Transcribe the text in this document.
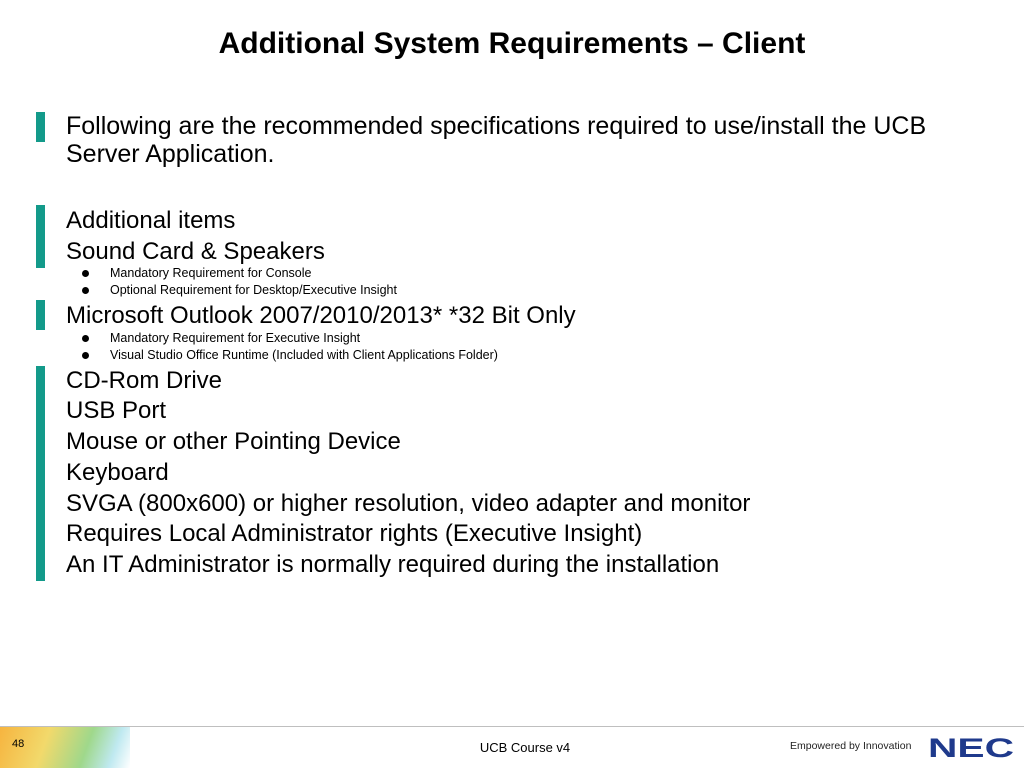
Additional System Requirements – Client
Following are the recommended specifications required to use/install the UCB Server Application.
Additional items
Sound Card & Speakers
Mandatory Requirement for Console
Optional Requirement for Desktop/Executive Insight
Microsoft Outlook 2007/2010/2013* *32 Bit Only
Mandatory Requirement for Executive Insight
Visual Studio Office Runtime (Included with Client Applications Folder)
CD-Rom Drive
USB Port
Mouse or other Pointing Device
Keyboard
SVGA (800x600) or higher resolution, video adapter and monitor
Requires Local Administrator rights (Executive Insight)
An IT Administrator is normally required during the installation
48	UCB Course v4	Empowered by Innovation NEC
